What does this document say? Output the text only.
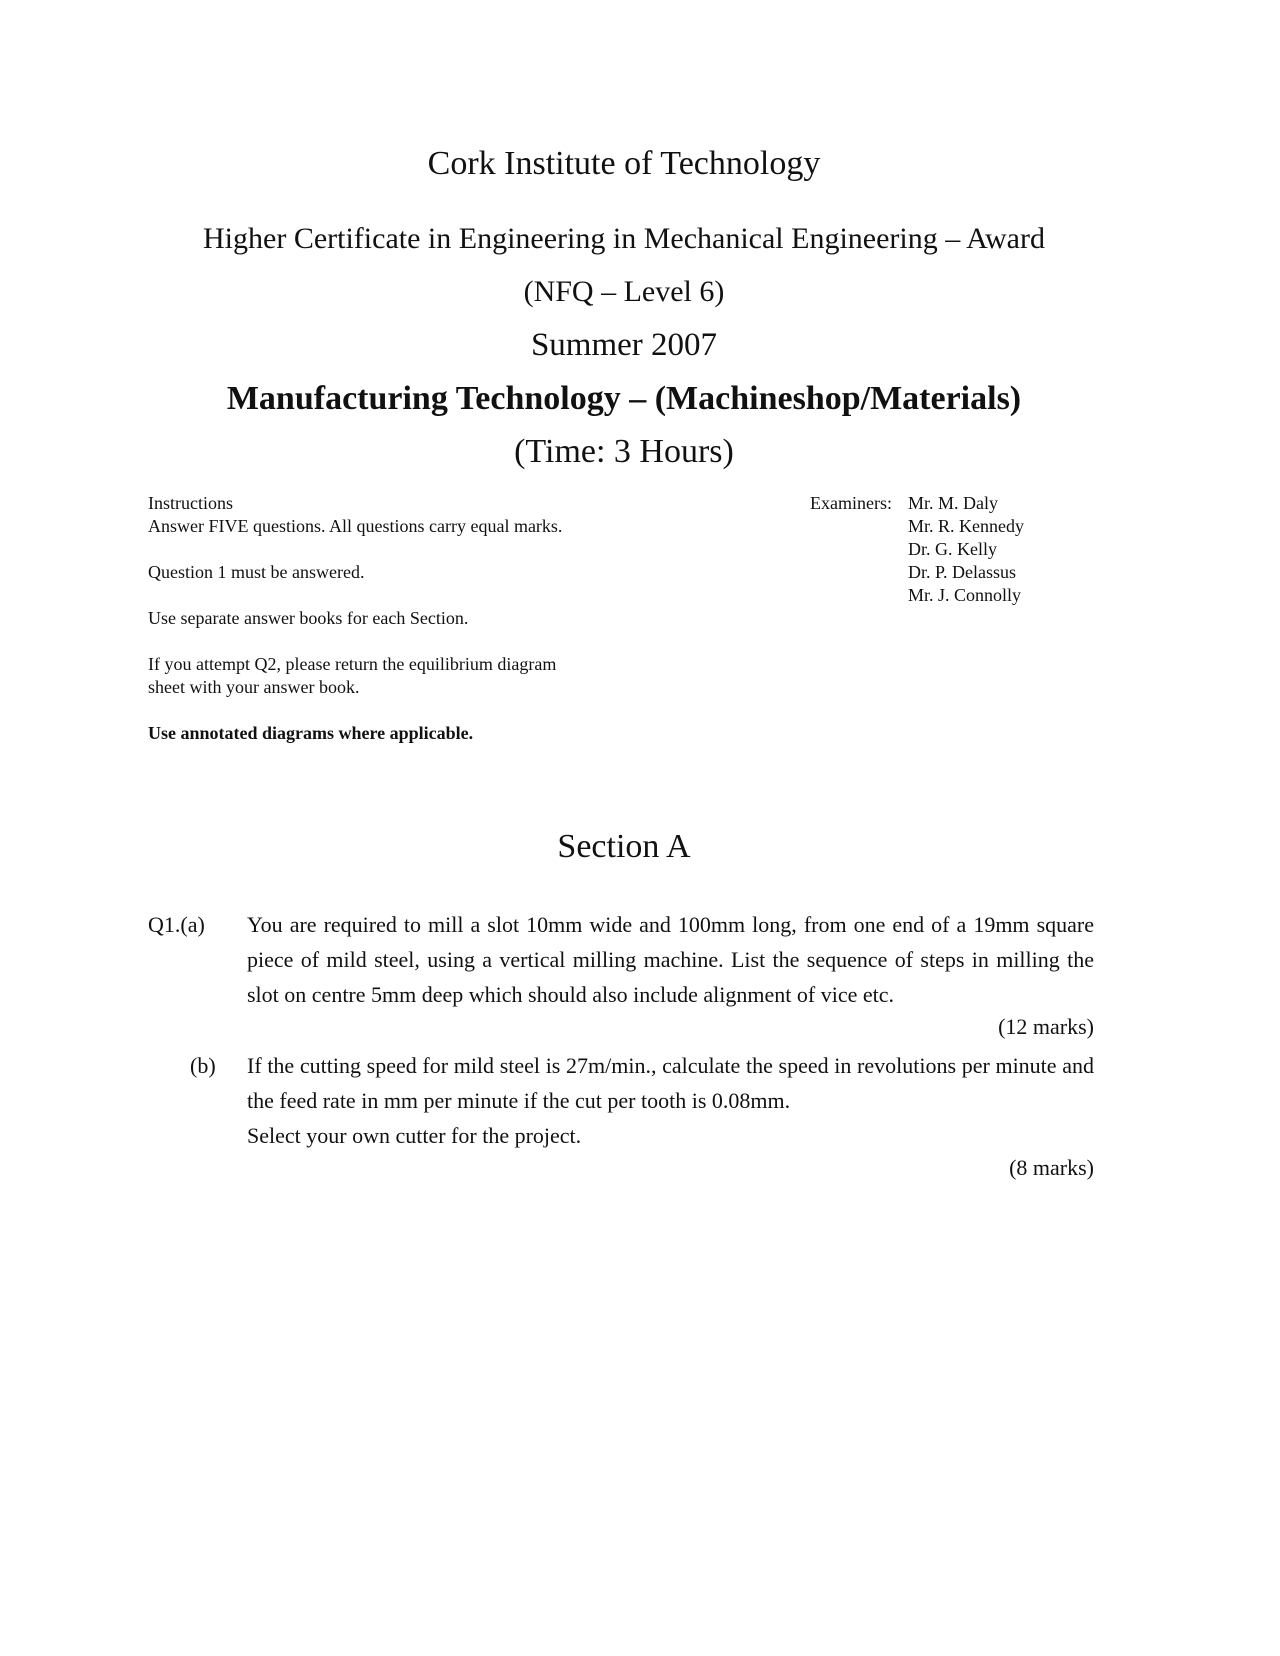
Cork Institute of Technology
Higher Certificate in Engineering in Mechanical Engineering – Award
(NFQ – Level 6)
Summer 2007
Manufacturing Technology – (Machineshop/Materials)
(Time: 3 Hours)

Instructions

Answer FIVE questions. All questions carry equal marks.

Question 1 must be answered.

Use separate answer books for each Section.

If you attempt Q2, please return the equilibrium diagram sheet with your answer book.

Use annotated diagrams where applicable.

Examiners: Mr. M. Daly
Mr. R. Kennedy
Dr. G. Kelly
Dr. P. Delassus
Mr. J. Connolly
Section A
Q1.(a)	You are required to mill a slot 10mm wide and 100mm long, from one end of a 19mm square piece of mild steel, using a vertical milling machine. List the sequence of steps in milling the slot on centre 5mm deep which should also include alignment of vice etc.
(12 marks)
(b)	If the cutting speed for mild steel is 27m/min., calculate the speed in revolutions per minute and the feed rate in mm per minute if the cut per tooth is 0.08mm.
Select your own cutter for the project.
(8 marks)
